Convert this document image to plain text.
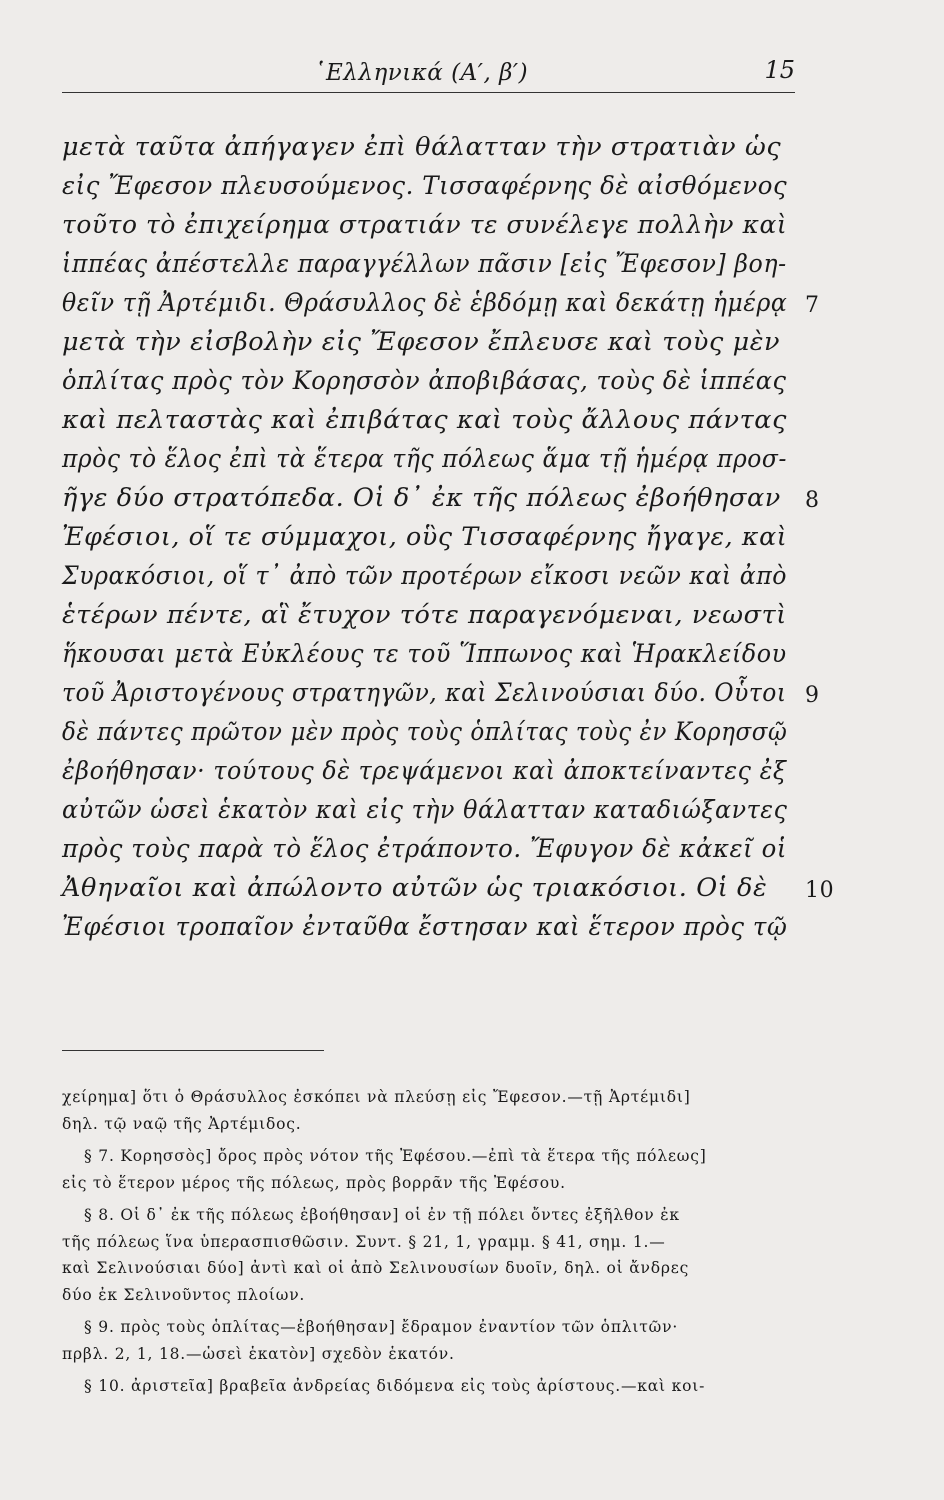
῾Ελληνικά (Α′, β′)	15
μετὰ ταῦτα ἀπήγαγεν ἐπὶ θάλατταν τὴν στρατιὰν ὡς
εἰς Ἔφεσον πλευσούμενος. Τισσαφέρνης δὲ αἰσθόμενος
τοῦτο τὸ ἐπιχείρημα στρατιάν τε συνέλεγε πολλὴν καὶ
ἱππέας ἀπέστελλε παραγγέλλων πᾶσιν [εἰς Ἔφεσον] βοη-
θεῖν τῇ Ἀρτέμιδι. Θράσυλλος δὲ ἑβδόμῃ καὶ δεκάτῃ ἡμέρᾳ 7
μετὰ τὴν εἰσβολὴν εἰς Ἔφεσον ἔπλευσε καὶ τοὺς μὲν
ὁπλίτας πρὸς τὸν Κορησσὸν ἀποβιβάσας, τοὺς δὲ ἱππέας
καὶ πελταστὰς καὶ ἐπιβάτας καὶ τοὺς ἄλλους πάντας
πρὸς τὸ ἕλος ἐπὶ τὰ ἕτερα τῆς πόλεως ἅμα τῇ ἡμέρᾳ προσ-
ῆγε δύο στρατόπεδα. Οἱ δ᾽ ἐκ τῆς πόλεως ἐβοήθησαν 8
Ἐφέσιοι, οἵ τε σύμμαχοι, οὓς Τισσαφέρνης ἤγαγε, καὶ
Συρακόσιοι, οἵ τ᾽ ἀπὸ τῶν προτέρων εἴκοσι νεῶν καὶ ἀπὸ
ἑτέρων πέντε, αἳ ἔτυχον τότε παραγενόμεναι, νεωστὶ
ἥκουσαι μετὰ Εὐκλέους τε τοῦ Ἵππωνος καὶ Ἡρακλείδου
τοῦ Ἀριστογένους στρατηγῶν, καὶ Σελινούσιαι δύο. Οὗτοι 9
δὲ πάντες πρῶτον μὲν πρὸς τοὺς ὁπλίτας τοὺς ἐν Κορησσῷ
ἐβοήθησαν· τούτους δὲ τρεψάμενοι καὶ ἀποκτείναντες ἐξ
αὐτῶν ὡσεὶ ἑκατὸν καὶ εἰς τὴν θάλατταν καταδιώξαντες
πρὸς τοὺς παρὰ τὸ ἕλος ἐτράποντο. Ἔφυγον δὲ κἀκεῖ οἱ
Ἀθηναῖοι καὶ ἀπώλοντο αὐτῶν ὡς τριακόσιοι. Οἱ δὲ 10
Ἐφέσιοι τροπαῖον ἐνταῦθα ἔστησαν καὶ ἕτερον πρὸς τῷ
χείρημα] ὅτι ὁ Θράσυλλος ἐσκόπει νὰ πλεύσῃ εἰς Ἔφεσον.—τῇ Ἀρτέμιδι]
δηλ. τῷ ναῷ τῆς Ἀρτέμιδος.
§ 7. Κορησσὸς] ὄρος πρὸς νότον τῆς Ἐφέσου.—ἐπὶ τὰ ἕτερα τῆς πόλεως]
εἰς τὸ ἕτερον μέρος τῆς πόλεως, πρὸς βορρᾶν τῆς Ἐφέσου.
§ 8. Οἱ δ᾽ ἐκ τῆς πόλεως ἐβοήθησαν] οἱ ἐν τῇ πόλει ὄντες ἐξῆλθον ἐκ
τῆς πόλεως ἵνα ὑπερασπισθῶσιν. Συντ. § 21, 1, γραμμ. § 41, σημ. 1.—
καὶ Σελινούσιαι δύο] ἀντὶ καὶ οἱ ἀπὸ Σελινουσίων δυοῖν, δηλ. οἱ ἄνδρες
δύο ἐκ Σελινοῦντος πλοίων.
§ 9. πρὸς τοὺς ὁπλίτας—ἐβοήθησαν] ἔδραμον ἐναντίον τῶν ὁπλιτῶν·
πρβλ. 2, 1, 18.—ὡσεὶ ἑκατὸν] σχεδὸν ἑκατόν.
§ 10. ἀριστεῖα] βραβεῖα ἀνδρείας διδόμενα εἰς τοὺς ἀρίστους.—καὶ κοι-
